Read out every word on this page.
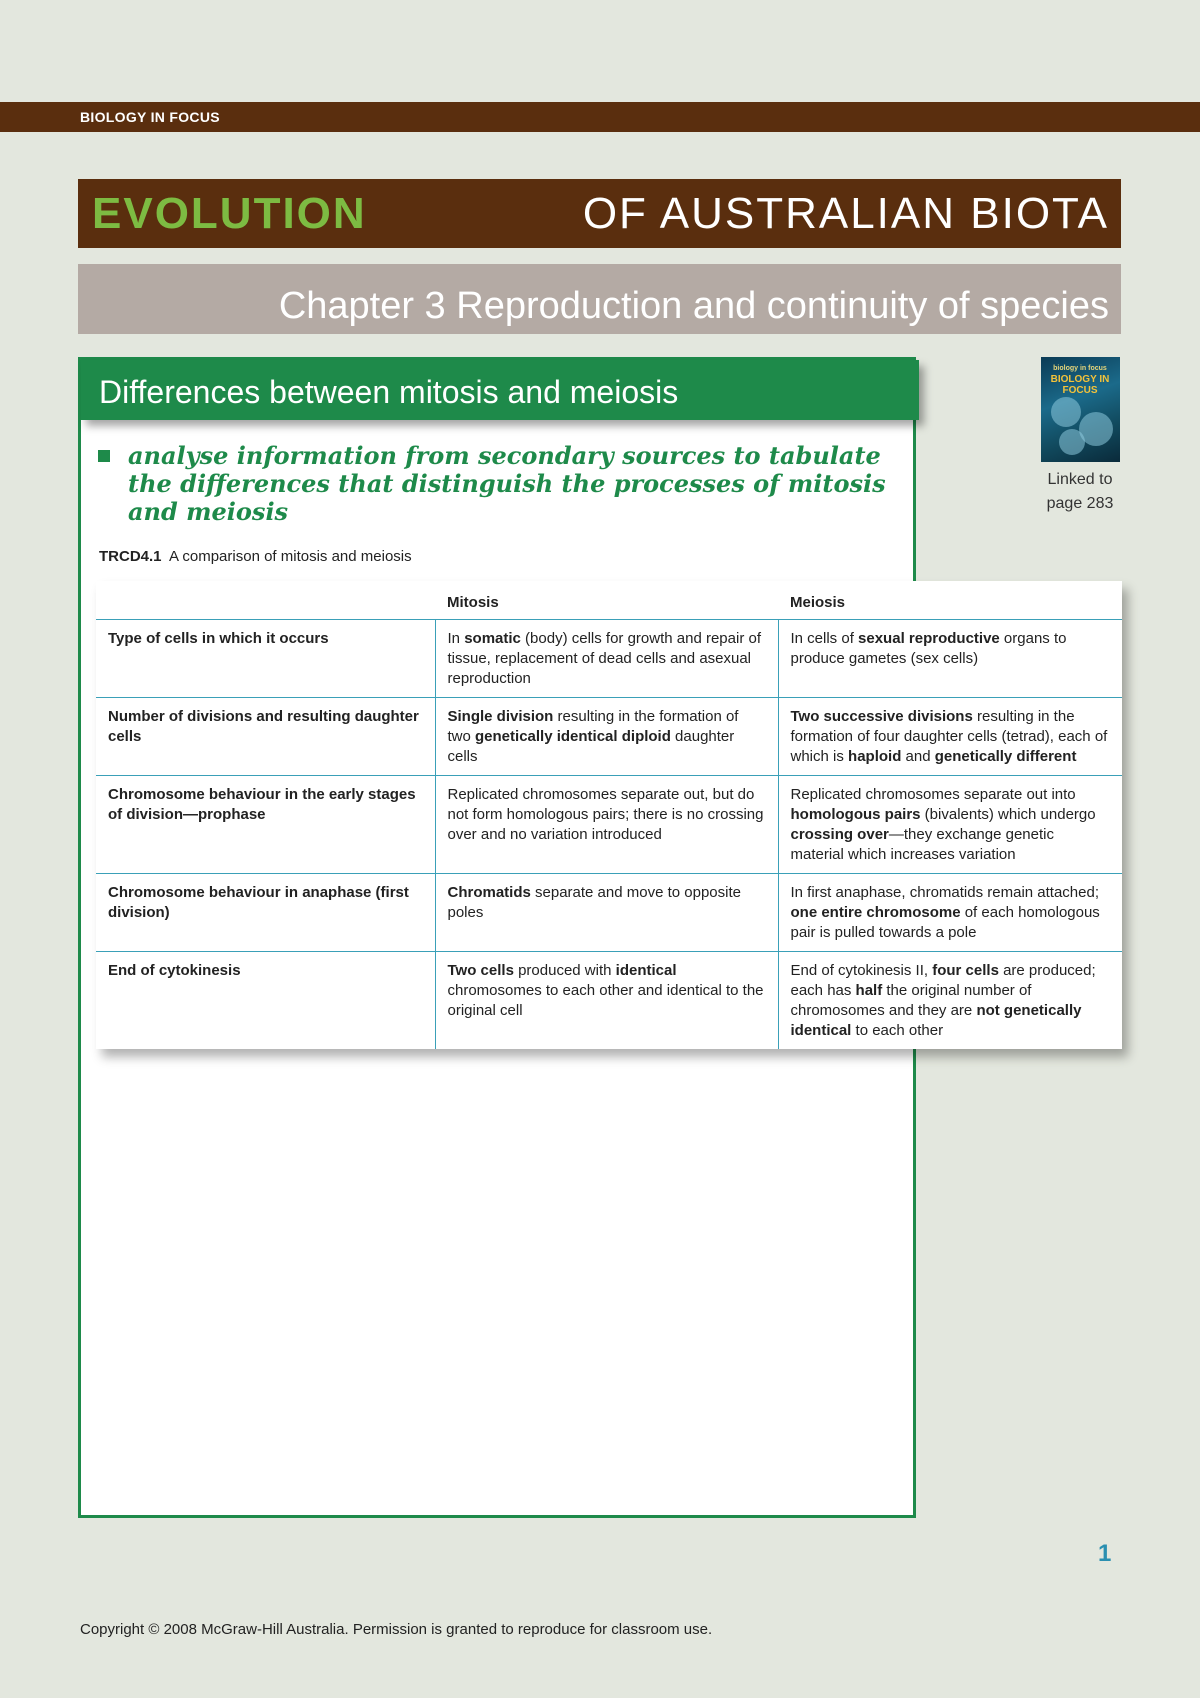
BIOLOGY IN FOCUS
EVOLUTION	OF AUSTRALIAN BIOTA
Chapter 3 Reproduction and continuity of species
Differences between mitosis and meiosis
analyse information from secondary sources to tabulate the differences that distinguish the processes of mitosis and meiosis
TRCD4.1 A comparison of mitosis and meiosis
	Mitosis	Meiosis
Type of cells in which it occurs	In somatic (body) cells for growth and repair of tissue, replacement of dead cells and asexual reproduction	In cells of sexual reproductive organs to produce gametes (sex cells)
Number of divisions and resulting daughter cells	Single division resulting in the formation of two genetically identical diploid daughter cells	Two successive divisions resulting in the formation of four daughter cells (tetrad), each of which is haploid and genetically different
Chromosome behaviour in the early stages of division—prophase	Replicated chromosomes separate out, but do not form homologous pairs; there is no crossing over and no variation introduced	Replicated chromosomes separate out into homologous pairs (bivalents) which undergo crossing over—they exchange genetic material which increases variation
Chromosome behaviour in anaphase (first division)	Chromatids separate and move to opposite poles	In first anaphase, chromatids remain attached; one entire chromosome of each homologous pair is pulled towards a pole
End of cytokinesis	Two cells produced with identical chromosomes to each other and identical to the original cell	End of cytokinesis II, four cells are produced; each has half the original number of chromosomes and they are not genetically identical to each other
biology in focus
BIOLOGY IN FOCUS
Linked to
page 283
1
Copyright © 2008 McGraw-Hill Australia. Permission is granted to reproduce for classroom use.
